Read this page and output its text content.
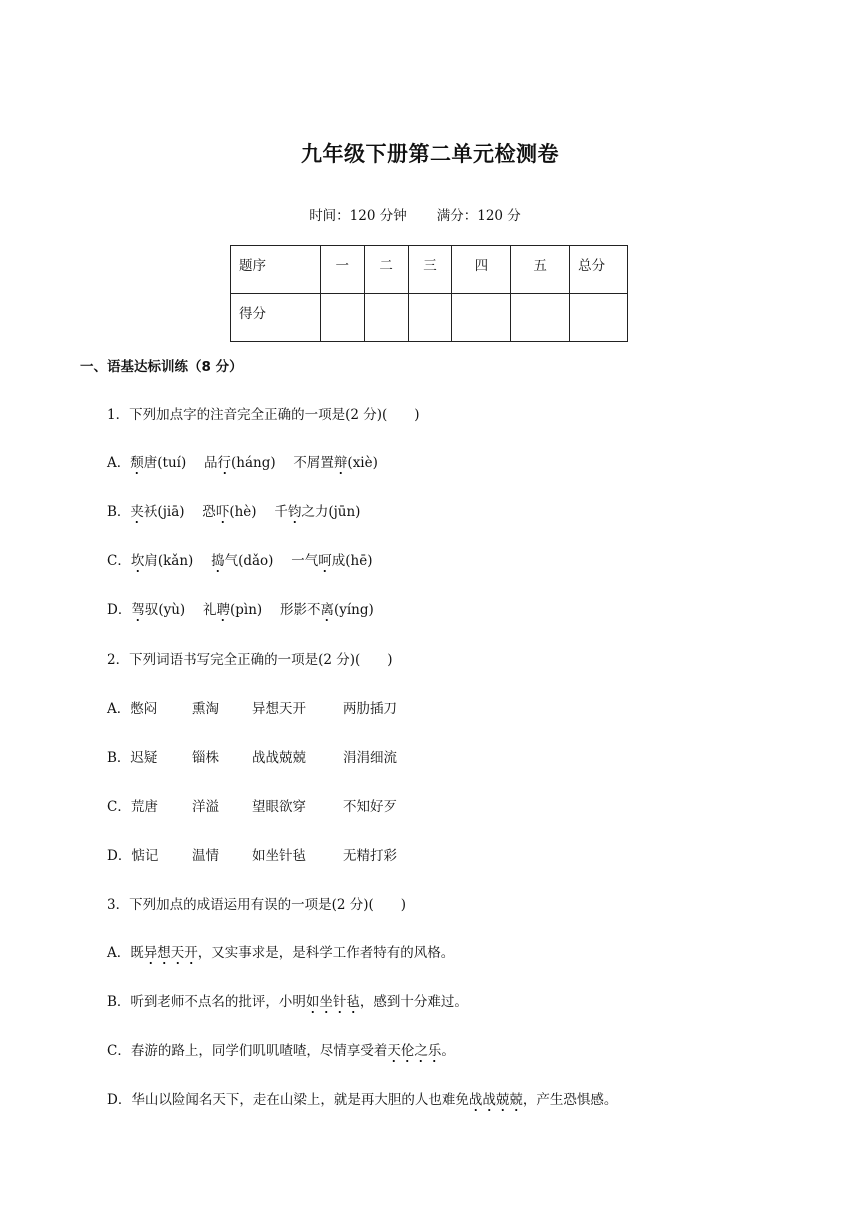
九年级下册第二单元检测卷
时间：120 分钟 满分：120 分
题序	一	二	三	四	五	总分
得分						
一、语基达标训练（8 分）
1．下列加点字的注音完全正确的一项是(2 分)(　　)
A．颓唐(tuí)　 品行(háng)　 不屑置辩(xiè)
B．夹袄(jiā)　 恐吓(hè)　 千钧之力(jūn)
C．坎肩(kǎn)　 捣气(dǎo)　 一气呵成(hē)
D．驾驭(yù)　 礼聘(pìn)　 形影不离(yíng)
2．下列词语书写完全正确的一项是(2 分)(　　)
A．憋闷	熏淘 异想天开	两肋插刀
B．迟疑	锱株 战战兢兢	涓涓细流
C．荒唐	洋溢 望眼欲穿	不知好歹
D．惦记 温情 如坐针毡	无精打彩
3．下列加点的成语运用有误的一项是(2 分)(　　)
A．既异想天开，又实事求是，是科学工作者特有的风格。
B．听到老师不点名的批评，小明如坐针毡，感到十分难过。
C．春游的路上，同学们叽叽喳喳，尽情享受着天伦之乐。
D．华山以险闻名天下，走在山梁上，就是再大胆的人也难免战战兢兢，产生恐惧感。
